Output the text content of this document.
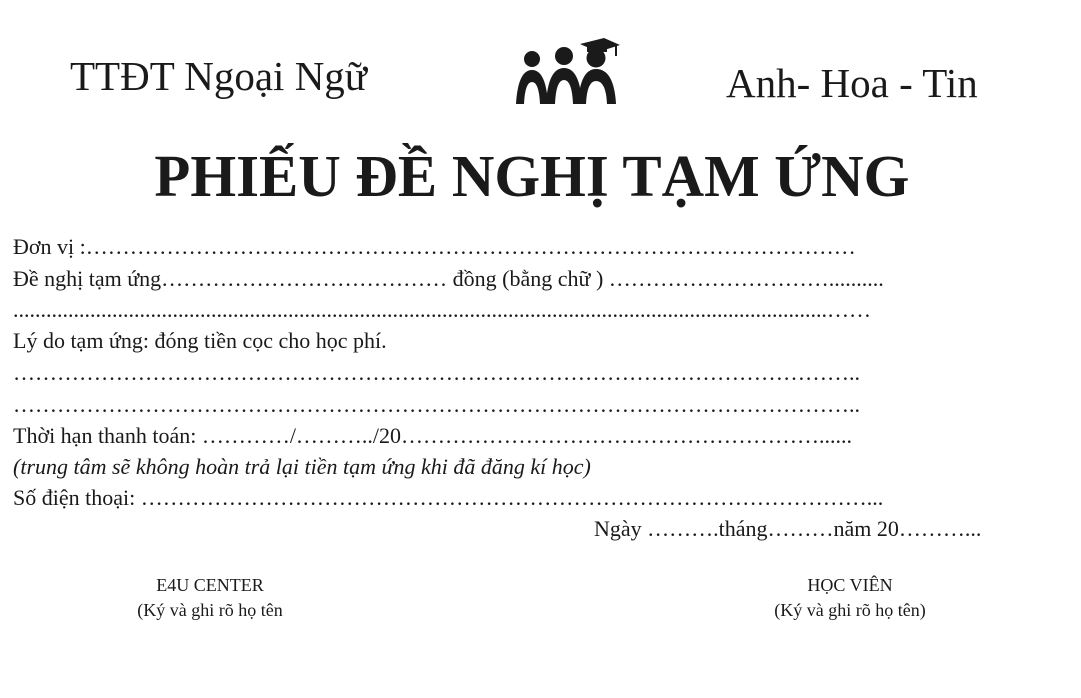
TTĐT Ngoại Ngữ	Anh- Hoa - Tin
PHIẾU ĐỀ NGHỊ TẠM ỨNG
Đơn vị :……………………………………………………………………………………………
Đề nghị tạm ứng………………………………… đồng (bằng chữ ) …………………………..........
....................................................................................................................................................……
Lý do tạm ứng: đóng tiền cọc cho học phí.
……………………………………………………………………………………………………..
……………………………………………………………………………………………………..
Thời hạn thanh toán: …………/………../20…………………………………………………......
(trung tâm sẽ không hoàn trả lại tiền tạm ứng khi đã đăng kí học)
Số điện thoại: ………………………………………………………………………………………...
Ngày ……….tháng………năm 20………...
E4U CENTER
(Ký và ghi rõ họ tên
HỌC VIÊN
(Ký và ghi rõ họ tên)
